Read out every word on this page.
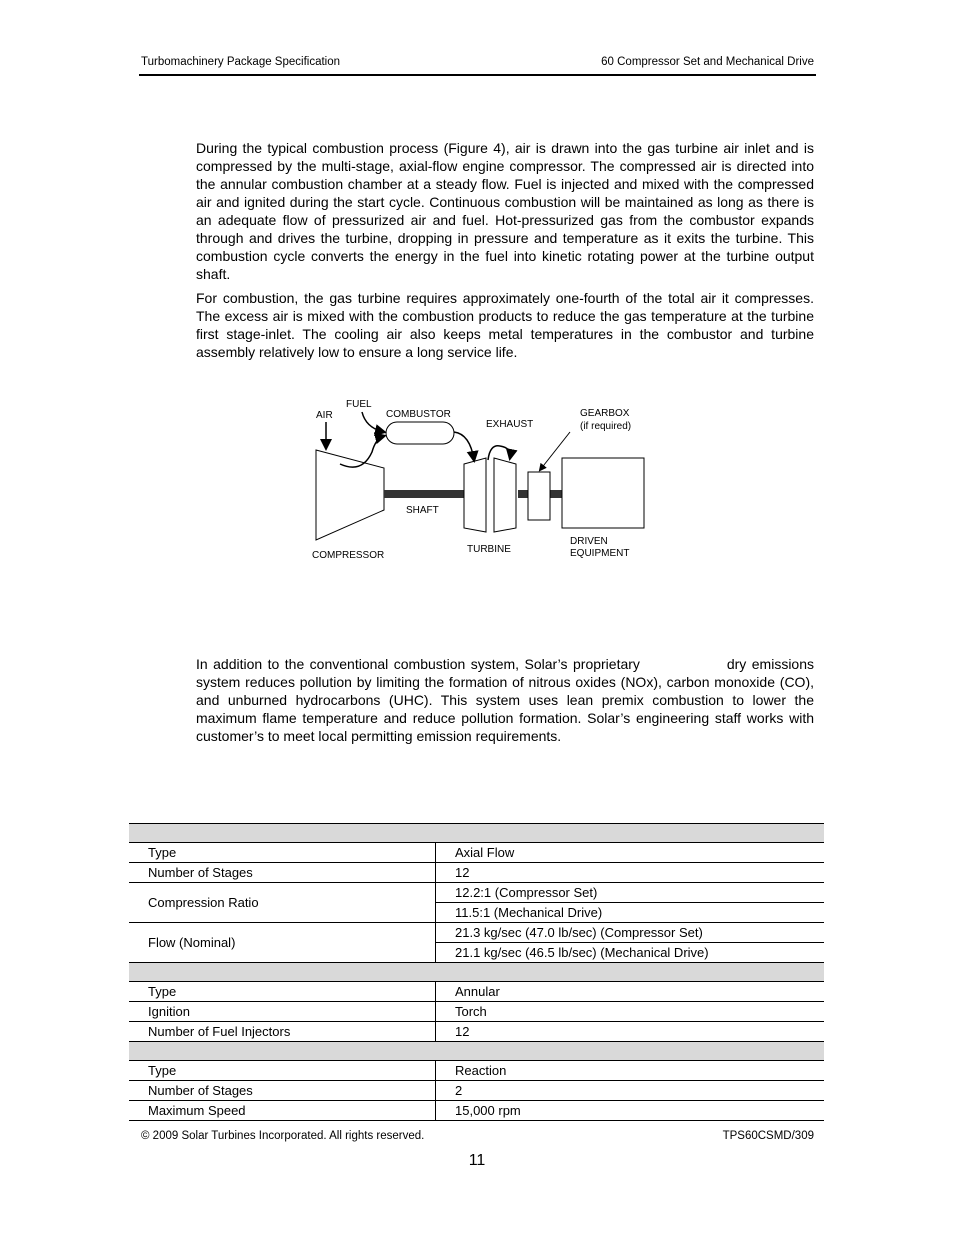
Turbomachinery Package Specification	60 Compressor Set and Mechanical Drive

During the typical combustion process (Figure 4), air is drawn into the gas turbine air inlet and is compressed by the multi-stage, axial-flow engine compressor. The compressed air is directed into the annular combustion chamber at a steady flow. Fuel is injected and mixed with the compressed air and ignited during the start cycle. Continuous combustion will be maintained as long as there is an adequate flow of pressurized air and fuel. Hot-pressurized gas from the combustor expands through and drives the turbine, dropping in pressure and temperature as it exits the turbine. This combustion cycle converts the energy in the fuel into kinetic rotating power at the turbine output shaft.

For combustion, the gas turbine requires approximately one-fourth of the total air it compresses. The excess air is mixed with the combustion products to reduce the gas temperature at the turbine first stage-inlet. The cooling air also keeps metal temperatures in the combustor and turbine assembly relatively low to ensure a long service life.

FUEL
AIR	COMBUSTOR
EXHAUST
GEARBOX
(if required)
SHAFT
COMPRESSOR
TURBINE
DRIVEN
EQUIPMENT

In addition to the conventional combustion system, Solar’s proprietary	dry emissions system reduces pollution by limiting the formation of nitrous oxides (NOx), carbon monoxide (CO), and unburned hydrocarbons (UHC). This system uses lean premix combustion to lower the maximum flame temperature and reduce pollution formation. Solar’s engineering staff works with customer’s to meet local permitting emission requirements.

Type	Axial Flow
Number of Stages	12
Compression Ratio	12.2:1 (Compressor Set)
	11.5:1 (Mechanical Drive)
Flow (Nominal)	21.3 kg/sec (47.0 lb/sec) (Compressor Set)
	21.1 kg/sec (46.5 lb/sec) (Mechanical Drive)

Type	Annular
Ignition	Torch
Number of Fuel Injectors	12

Type	Reaction
Number of Stages	2
Maximum Speed	15,000 rpm
© 2009 Solar Turbines Incorporated. All rights reserved.	TPS60CSMD/309
11
